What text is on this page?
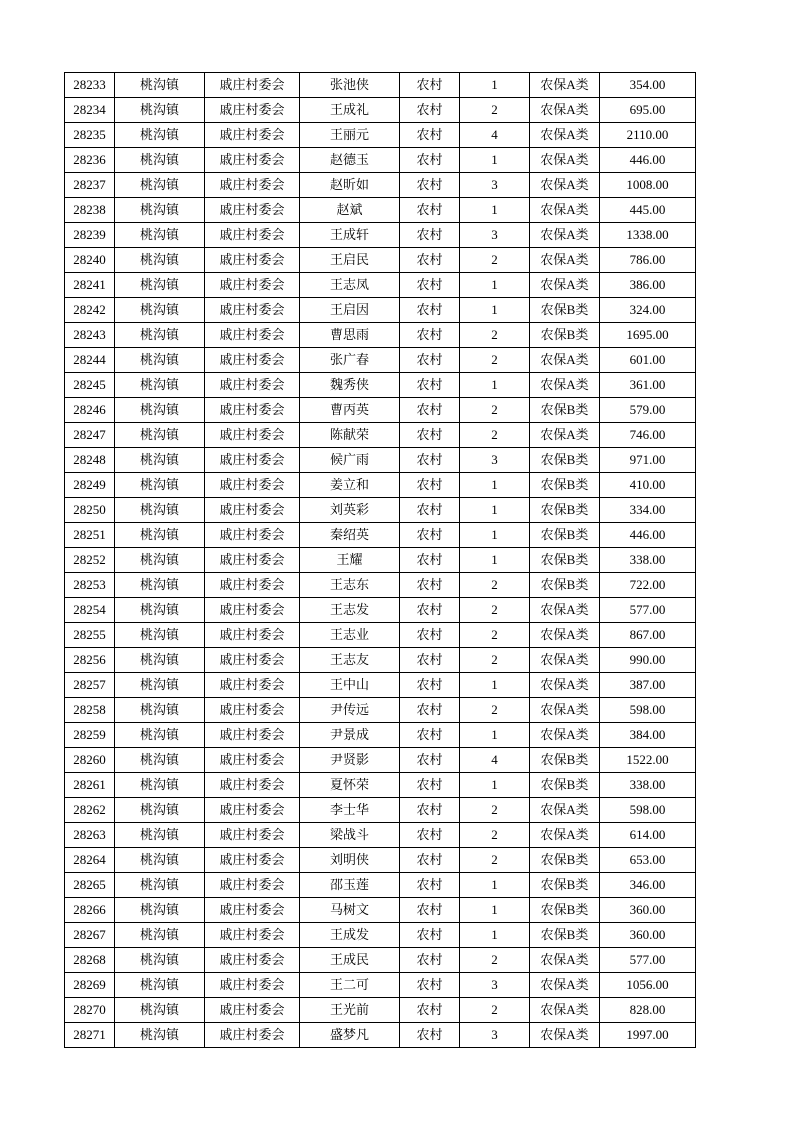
28233	桃沟镇	戚庄村委会	张池侠	农村	1	农保A类	354.00
28234	桃沟镇	戚庄村委会	王成礼	农村	2	农保A类	695.00
28235	桃沟镇	戚庄村委会	王丽元	农村	4	农保A类	2110.00
28236	桃沟镇	戚庄村委会	赵德玉	农村	1	农保A类	446.00
28237	桃沟镇	戚庄村委会	赵昕如	农村	3	农保A类	1008.00
28238	桃沟镇	戚庄村委会	赵斌	农村	1	农保A类	445.00
28239	桃沟镇	戚庄村委会	王成轩	农村	3	农保A类	1338.00
28240	桃沟镇	戚庄村委会	王启民	农村	2	农保A类	786.00
28241	桃沟镇	戚庄村委会	王志凤	农村	1	农保A类	386.00
28242	桃沟镇	戚庄村委会	王启因	农村	1	农保B类	324.00
28243	桃沟镇	戚庄村委会	曹思雨	农村	2	农保B类	1695.00
28244	桃沟镇	戚庄村委会	张广春	农村	2	农保A类	601.00
28245	桃沟镇	戚庄村委会	魏秀侠	农村	1	农保A类	361.00
28246	桃沟镇	戚庄村委会	曹丙英	农村	2	农保B类	579.00
28247	桃沟镇	戚庄村委会	陈献荣	农村	2	农保A类	746.00
28248	桃沟镇	戚庄村委会	候广雨	农村	3	农保B类	971.00
28249	桃沟镇	戚庄村委会	姜立和	农村	1	农保B类	410.00
28250	桃沟镇	戚庄村委会	刘英彩	农村	1	农保B类	334.00
28251	桃沟镇	戚庄村委会	秦绍英	农村	1	农保B类	446.00
28252	桃沟镇	戚庄村委会	王耀	农村	1	农保B类	338.00
28253	桃沟镇	戚庄村委会	王志东	农村	2	农保B类	722.00
28254	桃沟镇	戚庄村委会	王志发	农村	2	农保A类	577.00
28255	桃沟镇	戚庄村委会	王志业	农村	2	农保A类	867.00
28256	桃沟镇	戚庄村委会	王志友	农村	2	农保A类	990.00
28257	桃沟镇	戚庄村委会	王中山	农村	1	农保A类	387.00
28258	桃沟镇	戚庄村委会	尹传远	农村	2	农保A类	598.00
28259	桃沟镇	戚庄村委会	尹景成	农村	1	农保A类	384.00
28260	桃沟镇	戚庄村委会	尹贤影	农村	4	农保B类	1522.00
28261	桃沟镇	戚庄村委会	夏怀荣	农村	1	农保B类	338.00
28262	桃沟镇	戚庄村委会	李士华	农村	2	农保A类	598.00
28263	桃沟镇	戚庄村委会	梁战斗	农村	2	农保A类	614.00
28264	桃沟镇	戚庄村委会	刘明侠	农村	2	农保B类	653.00
28265	桃沟镇	戚庄村委会	邵玉莲	农村	1	农保B类	346.00
28266	桃沟镇	戚庄村委会	马树文	农村	1	农保B类	360.00
28267	桃沟镇	戚庄村委会	王成发	农村	1	农保B类	360.00
28268	桃沟镇	戚庄村委会	王成民	农村	2	农保A类	577.00
28269	桃沟镇	戚庄村委会	王二可	农村	3	农保A类	1056.00
28270	桃沟镇	戚庄村委会	王光前	农村	2	农保A类	828.00
28271	桃沟镇	戚庄村委会	盛梦凡	农村	3	农保A类	1997.00
